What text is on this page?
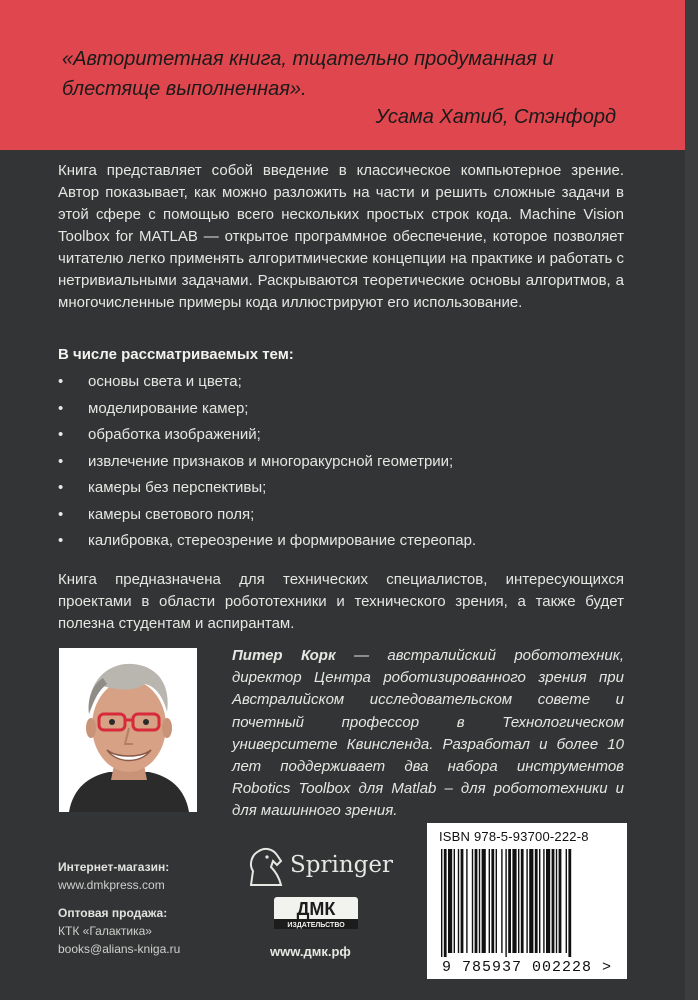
«Авторитетная книга, тщательно продуманная и блестяще выполненная».
Усама Хатиб, Стэнфорд
Книга представляет собой введение в классическое компьютерное зрение. Автор показывает, как можно разложить на части и решить сложные задачи в этой сфере с помощью всего нескольких простых строк кода. Machine Vision Toolbox for MATLAB — открытое программное обеспечение, которое позволяет читателю легко применять алгоритмические концепции на практике и работать с нетривиальными задачами. Раскрываются теоретические основы алгоритмов, а многочисленные примеры кода иллюстрируют его использование.
В числе рассматриваемых тем:
• основы света и цвета;
• моделирование камер;
• обработка изображений;
• извлечение признаков и многоракурсной геометрии;
• камеры без перспективы;
• камеры светового поля;
• калибровка, стереозрение и формирование стереопар.
Книга предназначена для технических специалистов, интересующихся проектами в области робототехники и технического зрения, а также будет полезна студентам и аспирантам.
Питер Корк — австралийский робототехник, директор Центра роботизированного зрения при Австралийском исследовательском совете и почетный профессор в Технологическом университете Квинсленда. Разработал и более 10 лет поддерживает два набора инструментов Robotics Toolbox для Matlab – для робототехники и для машинного зрения.
Интернет-магазин:
www.dmkpress.com
Оптовая продажа:
КТК «Галактика»
books@alians-kniga.ru
Springer
ДМК
ИЗДАТЕЛЬСТВО
www.дмк.рф
ISBN 978-5-93700-222-8
9 785937 002228 >
